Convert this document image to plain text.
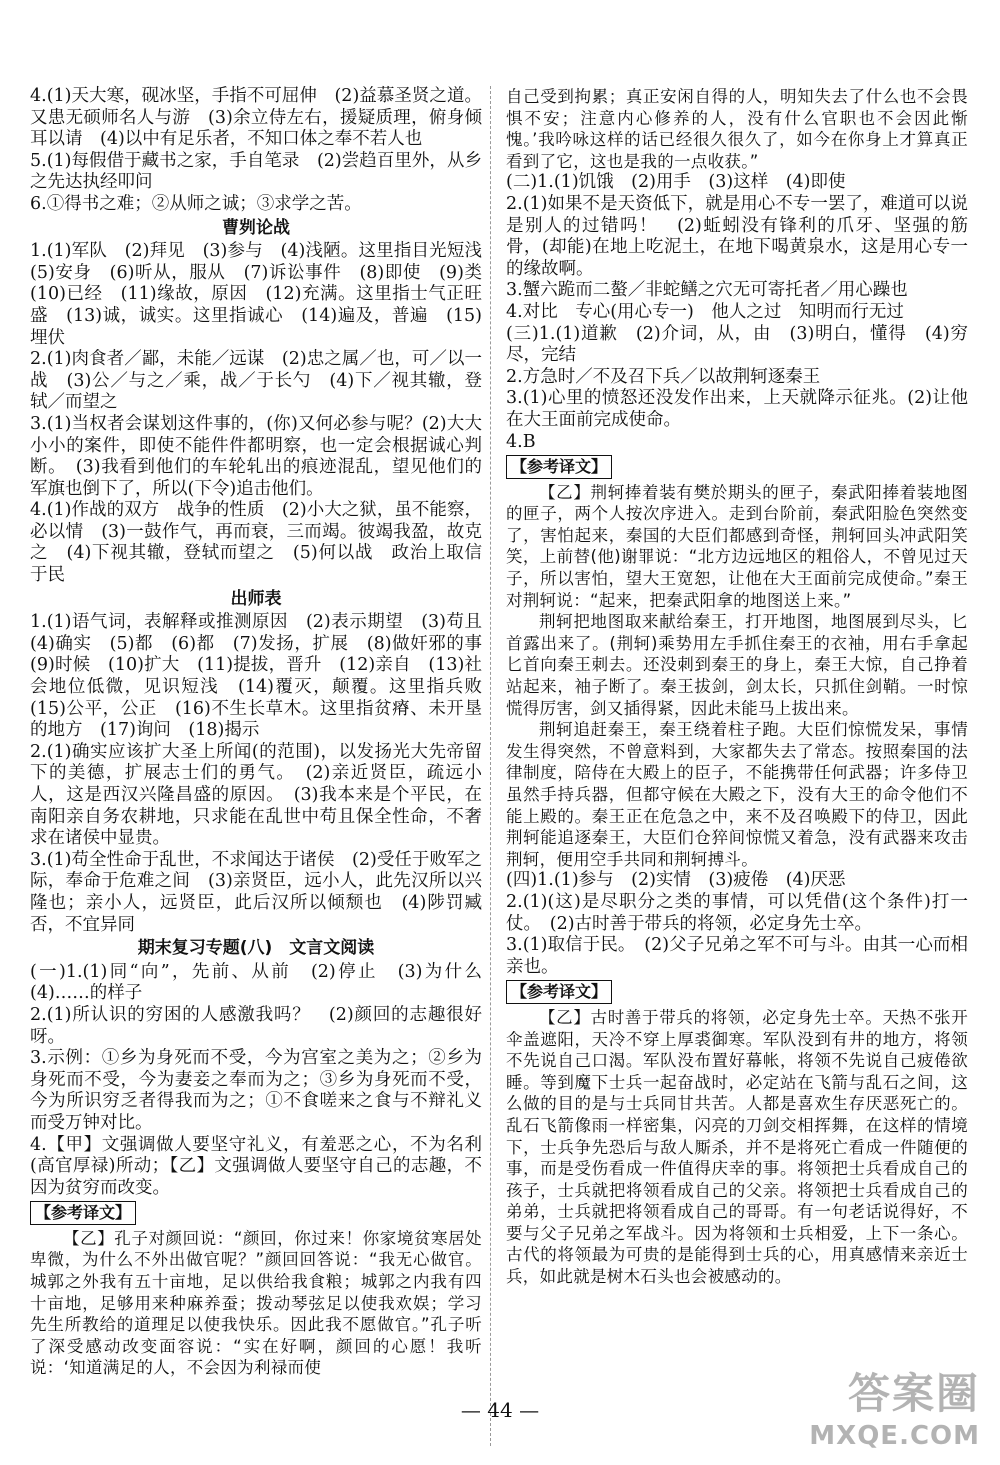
4.(1)天大寒，砚冰坚，手指不可屈伸　(2)益慕圣贤之道。又患无硕师名人与游　(3)余立侍左右，援疑质理，俯身倾耳以请　(4)以中有足乐者，不知口体之奉不若人也

5.(1)每假借于藏书之家，手自笔录　(2)尝趋百里外，从乡之先达执经叩问

6.①得书之难；②从师之诚；③求学之苦。

曹刿论战

1.(1)军队　(2)拜见　(3)参与　(4)浅陋。这里指目光短浅　(5)安身　(6)听从，服从　(7)诉讼事件　(8)即使　(9)类　(10)已经　(11)缘故，原因　(12)充满。这里指士气正旺盛　(13)诚，诚实。这里指诚心　(14)遍及，普遍　(15)埋伏

2.(1)肉食者／鄙，未能／远谋　(2)忠之属／也，可／以一战　(3)公／与之／乘，战／于长勺　(4)下／视其辙，登轼／而望之

3.(1)当权者会谋划这件事的，(你)又何必参与呢？(2)大大小小的案件，即使不能件件都明察，也一定会根据诚心判断。　(3)我看到他们的车轮轧出的痕迹混乱，望见他们的军旗也倒下了，所以(下令)追击他们。

4.(1)作战的双方　战争的性质　(2)小大之狱，虽不能察，必以情　(3)一鼓作气，再而衰，三而竭。彼竭我盈，故克之　(4)下视其辙，登轼而望之　(5)何以战　政治上取信于民

出师表

1.(1)语气词，表解释或推测原因　(2)表示期望　(3)苟且　(4)确实　(5)都　(6)都　(7)发扬，扩展　(8)做奸邪的事　(9)时候　(10)扩大　(11)提拔，晋升　(12)亲自　(13)社会地位低微，见识短浅　(14)覆灭，颠覆。这里指兵败　(15)公平，公正　(16)不生长草木。这里指贫瘠、未开垦的地方　(17)询问　(18)揭示

2.(1)确实应该扩大圣上所闻(的范围)，以发扬光大先帝留下的美德，扩展志士们的勇气。　(2)亲近贤臣，疏远小人，这是西汉兴隆昌盛的原因。　(3)我本来是个平民，在南阳亲自务农耕地，只求能在乱世中苟且保全性命，不奢求在诸侯中显贵。

3.(1)苟全性命于乱世，不求闻达于诸侯　(2)受任于败军之际，奉命于危难之间　(3)亲贤臣，远小人，此先汉所以兴隆也；亲小人，远贤臣，此后汉所以倾颓也　(4)陟罚臧否，不宜异同

期末复习专题(八)　文言文阅读

(一)1.(1)同“向”，先前、从前　(2)停止　(3)为什么　(4)……的样子

2.(1)所认识的穷困的人感激我吗？　(2)颜回的志趣很好呀。

3.示例：①乡为身死而不受，今为宫室之美为之；②乡为身死而不受，今为妻妾之奉而为之；③乡为身死而不受，今为所识穷乏者得我而为之；①不食嗟来之食与不辩礼义而受万钟对比。

4.【甲】文强调做人要坚守礼义，有羞恶之心，不为名利(高官厚禄)所动；【乙】文强调做人要坚守自己的志趣，不因为贫穷而改变。

【参考译文】

【乙】孔子对颜回说：“颜回，你过来！你家境贫寒居处卑微，为什么不外出做官呢？”颜回回答说：“我无心做官。城郭之外我有五十亩地，足以供给我食粮；城郭之内我有四十亩地，足够用来种麻养蚕；拨动琴弦足以使我欢娱；学习先生所教给的道理足以使我快乐。因此我不愿做官。”孔子听了深受感动改变面容说：“实在好啊，颜回的心愿！我听说：‘知道满足的人，不会因为利禄而使

自己受到拘累；真正安闲自得的人，明知失去了什么也不会畏惧不安；注意内心修养的人，没有什么官职也不会因此惭愧。’我吟咏这样的话已经很久很久了，如今在你身上才算真正看到了它，这也是我的一点收获。”

(二)1.(1)饥饿　(2)用手　(3)这样　(4)即使

2.(1)如果不是天资低下，就是用心不专一罢了，难道可以说是别人的过错吗！　(2)蚯蚓没有锋利的爪牙、坚强的筋骨，(却能)在地上吃泥土，在地下喝黄泉水，这是用心专一的缘故啊。

3.蟹六跪而二螯／非蛇鳝之穴无可寄托者／用心躁也

4.对比　专心(用心专一)　他人之过　知明而行无过

(三)1.(1)道歉　(2)介词，从，由　(3)明白，懂得　(4)穷尽，完结

2.方急时／不及召下兵／以故荆轲逐秦王

3.(1)心里的愤怒还没发作出来，上天就降示征兆。(2)让他在大王面前完成使命。

4.B

【参考译文】

【乙】荆轲捧着装有樊於期头的匣子，秦武阳捧着装地图的匣子，两个人按次序进入。走到台阶前，秦武阳脸色突然变了，害怕起来，秦国的大臣们都感到奇怪，荆轲回头冲武阳笑笑，上前替(他)谢罪说：“北方边远地区的粗俗人，不曾见过天子，所以害怕，望大王宽恕，让他在大王面前完成使命。”秦王对荆轲说：“起来，把秦武阳拿的地图送上来。”

荆轲把地图取来献给秦王，打开地图，地图展到尽头，匕首露出来了。(荆轲)乘势用左手抓住秦王的衣袖，用右手拿起匕首向秦王刺去。还没刺到秦王的身上，秦王大惊，自己挣着站起来，袖子断了。秦王拔剑，剑太长，只抓住剑鞘。一时惊慌得厉害，剑又插得紧，因此未能马上拔出来。

荆轲追赶秦王，秦王绕着柱子跑。大臣们惊慌发呆，事情发生得突然，不曾意料到，大家都失去了常态。按照秦国的法律制度，陪侍在大殿上的臣子，不能携带任何武器；许多侍卫虽然手持兵器，但都守候在大殿之下，没有大王的命令他们不能上殿的。秦王正在危急之中，来不及召唤殿下的侍卫，因此荆轲能追逐秦王，大臣们仓猝间惊慌又着急，没有武器来攻击荆轲，便用空手共同和荆轲搏斗。

(四)1.(1)参与　(2)实情　(3)疲倦　(4)厌恶

2.(1)(这)是尽职分之类的事情，可以凭借(这个条件)打一仗。　(2)古时善于带兵的将领，必定身先士卒。

3.(1)取信于民。　(2)父子兄弟之军不可与斗。由其一心而相亲也。

【参考译文】

【乙】古时善于带兵的将领，必定身先士卒。天热不张开伞盖遮阳，天冷不穿上厚裘御寒。军队没到有井的地方，将领不先说自己口渴。军队没布置好幕帐，将领不先说自己疲倦欲睡。等到魔下士兵一起奋战时，必定站在飞箭与乱石之间，这么做的目的是与士兵同甘共苦。人都是喜欢生存厌恶死亡的。乱石飞箭像雨一样密集，闪亮的刀剑交相挥舞，在这样的情境下，士兵争先恐后与敌人厮杀，并不是将死亡看成一件随便的事，而是受伤看成一件值得庆幸的事。将领把士兵看成自己的孩子，士兵就把将领看成自己的父亲。将领把士兵看成自己的弟弟，士兵就把将领看成自己的哥哥。有一句老话说得好，不要与父子兄弟之军战斗。因为将领和士兵相爱，上下一条心。古代的将领最为可贵的是能得到士兵的心，用真感情来亲近士兵，如此就是树木石头也会被感动的。

— 44 —	答案圈
MXQE.COM
